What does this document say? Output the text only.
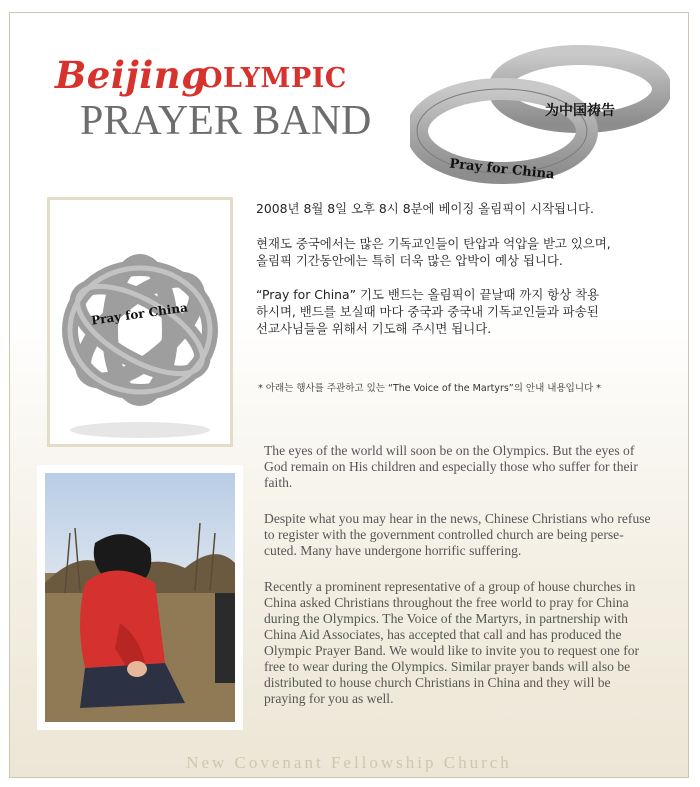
Beijing
OLYMPIC
PRAYER BAND	为中国祷告
Pray for China
Pray for China
2008년 8월 8일 오후 8시 8분에 베이징 올림픽이 시작됩니다.
현재도 중국에서는 많은 기독교인들이 탄압과 억압을 받고 있으며,
올림픽 기간동안에는 특히 더욱 많은 압박이 예상 됩니다.
“Pray for China” 기도 밴드는 올림픽이 끝날때 까지 항상 착용
하시며, 밴드를 보실때 마다 중국과 중국내 기독교인들과 파송된
선교사님들을 위해서 기도해 주시면 됩니다.
* 아래는 행사를 주관하고 있는 “The Voice of the Martyrs”의 안내 내용입니다 *
The eyes of the world will soon be on the Olympics. But the eyes of
God remain on His children and especially those who suffer for their
faith.
Despite what you may hear in the news, Chinese Christians who refuse
to register with the government controlled church are being perse-
cuted. Many have undergone horrific suffering.
Recently a prominent representative of a group of house churches in
China asked Christians throughout the free world to pray for China
during the Olympics. The Voice of the Martyrs, in partnership with
China Aid Associates, has accepted that call and has produced the
Olympic Prayer Band. We would like to invite you to request one for
free to wear during the Olympics. Similar prayer bands will also be
distributed to house church Christians in China and they will be
praying for you as well.
New Covenant Fellowship Church
